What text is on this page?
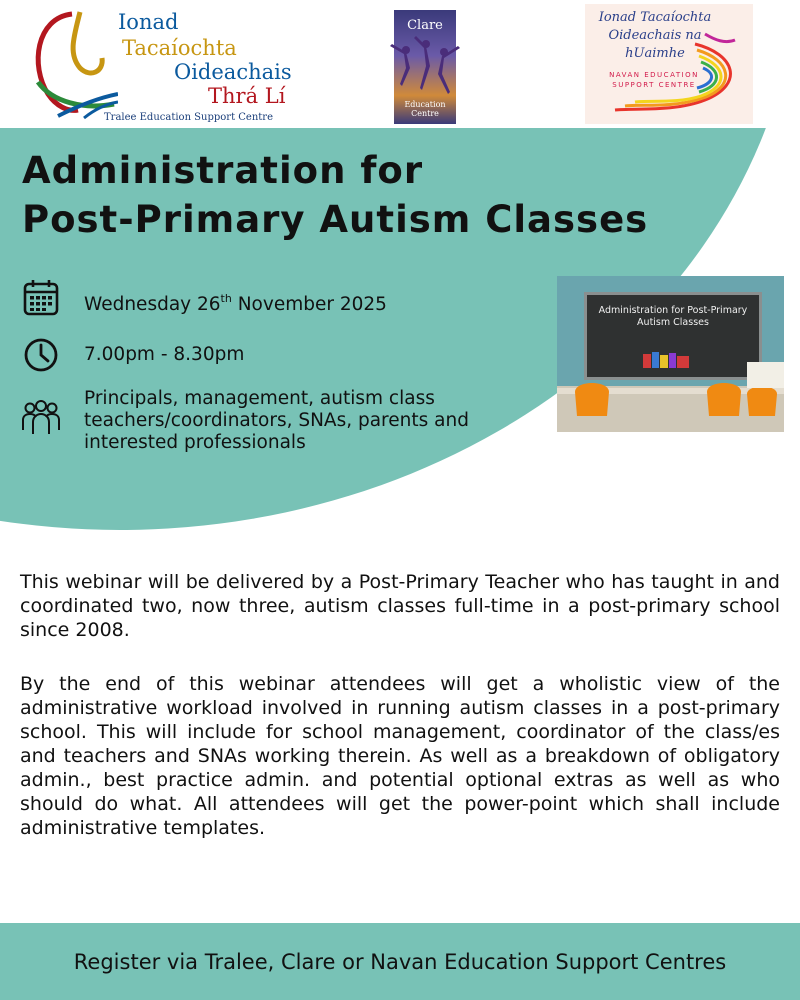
Ionad
Tacaíochta
Oideachais
Thrá Lí
Tralee Education Support Centre
Clare
Education Centre
Ionad Tacaíochta
Oideachais na
hUaimhe
NAVAN EDUCATION
SUPPORT CENTRE
Administration for
Post-Primary Autism Classes
Wednesday 26th November 2025
7.00pm - 8.30pm
Principals, management, autism class teachers/coordinators, SNAs, parents and interested professionals
Administration for Post-Primary Autism Classes

This webinar will be delivered by a Post-Primary Teacher who has taught in and coordinated two, now three, autism classes full-time in a post-primary school since 2008.

By the end of this webinar attendees will get a wholistic view of the administrative workload involved in running autism classes in a post-primary school. This will include for school management, coordinator of the class/es and teachers and SNAs working therein. As well as a breakdown of obligatory admin., best practice admin. and potential optional extras as well as who should do what. All attendees will get the power-point which shall include administrative templates.

Register via Tralee, Clare or Navan Education Support Centres
